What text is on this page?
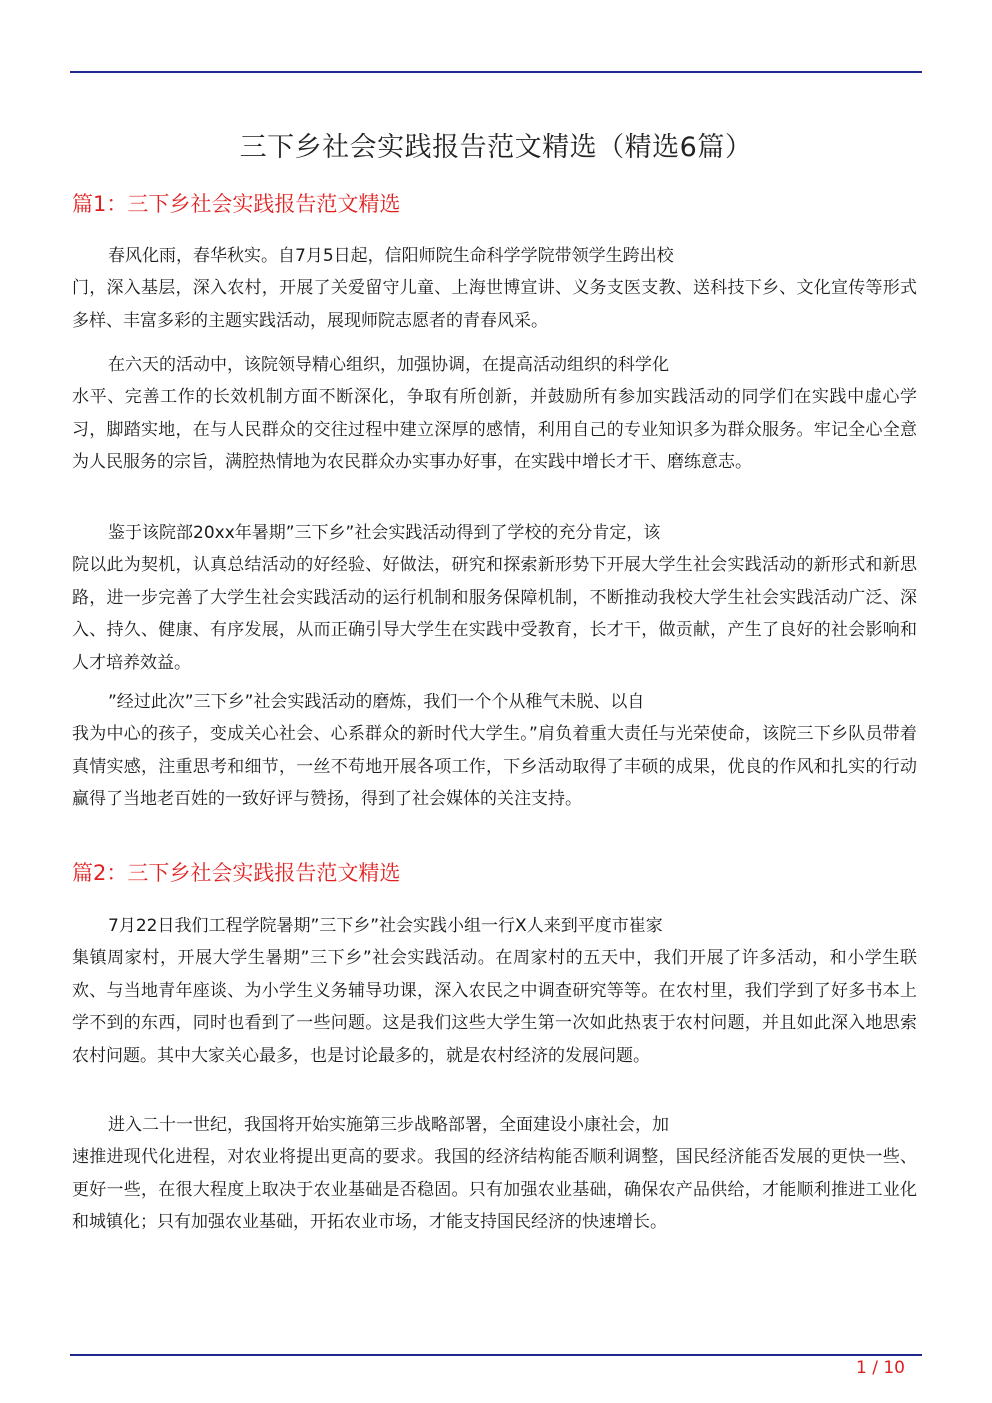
三下乡社会实践报告范文精选（精选6篇）
篇1：三下乡社会实践报告范文精选
春风化雨，春华秋实。自7月5日起，信阳师院生命科学学院带领学生跨出校
门，深入基层，深入农村，开展了关爱留守儿童、上海世博宣讲、义务支医支教、送科技下乡、文化宣传等形式多样、丰富多彩的主题实践活动，展现师院志愿者的青春风采。
在六天的活动中，该院领导精心组织，加强协调，在提高活动组织的科学化
水平、完善工作的长效机制方面不断深化，争取有所创新，并鼓励所有参加实践活动的同学们在实践中虚心学习，脚踏实地，在与人民群众的交往过程中建立深厚的感情，利用自己的专业知识多为群众服务。牢记全心全意为人民服务的宗旨，满腔热情地为农民群众办实事办好事，在实践中增长才干、磨练意志。
鉴于该院部20xx年暑期”三下乡”社会实践活动得到了学校的充分肯定，该
院以此为契机，认真总结活动的好经验、好做法，研究和探索新形势下开展大学生社会实践活动的新形式和新思路，进一步完善了大学生社会实践活动的运行机制和服务保障机制，不断推动我校大学生社会实践活动广泛、深入、持久、健康、有序发展，从而正确引导大学生在实践中受教育，长才干，做贡献，产生了良好的社会影响和人才培养效益。
”经过此次”三下乡”社会实践活动的磨炼，我们一个个从稚气未脱、以自
我为中心的孩子，变成关心社会、心系群众的新时代大学生。”肩负着重大责任与光荣使命，该院三下乡队员带着真情实感，注重思考和细节，一丝不苟地开展各项工作，下乡活动取得了丰硕的成果，优良的作风和扎实的行动赢得了当地老百姓的一致好评与赞扬，得到了社会媒体的关注支持。
篇2：三下乡社会实践报告范文精选
7月22日我们工程学院暑期”三下乡”社会实践小组一行X人来到平度市崔家
集镇周家村，开展大学生暑期”三下乡”社会实践活动。在周家村的五天中，我们开展了许多活动，和小学生联欢、与当地青年座谈、为小学生义务辅导功课，深入农民之中调查研究等等。在农村里，我们学到了好多书本上学不到的东西，同时也看到了一些问题。这是我们这些大学生第一次如此热衷于农村问题，并且如此深入地思索农村问题。其中大家关心最多，也是讨论最多的，就是农村经济的发展问题。
进入二十一世纪，我国将开始实施第三步战略部署，全面建设小康社会，加
速推进现代化进程，对农业将提出更高的要求。我国的经济结构能否顺利调整，国民经济能否发展的更快一些、更好一些，在很大程度上取决于农业基础是否稳固。只有加强农业基础，确保农产品供给，才能顺利推进工业化和城镇化；只有加强农业基础，开拓农业市场，才能支持国民经济的快速增长。
1 / 10
